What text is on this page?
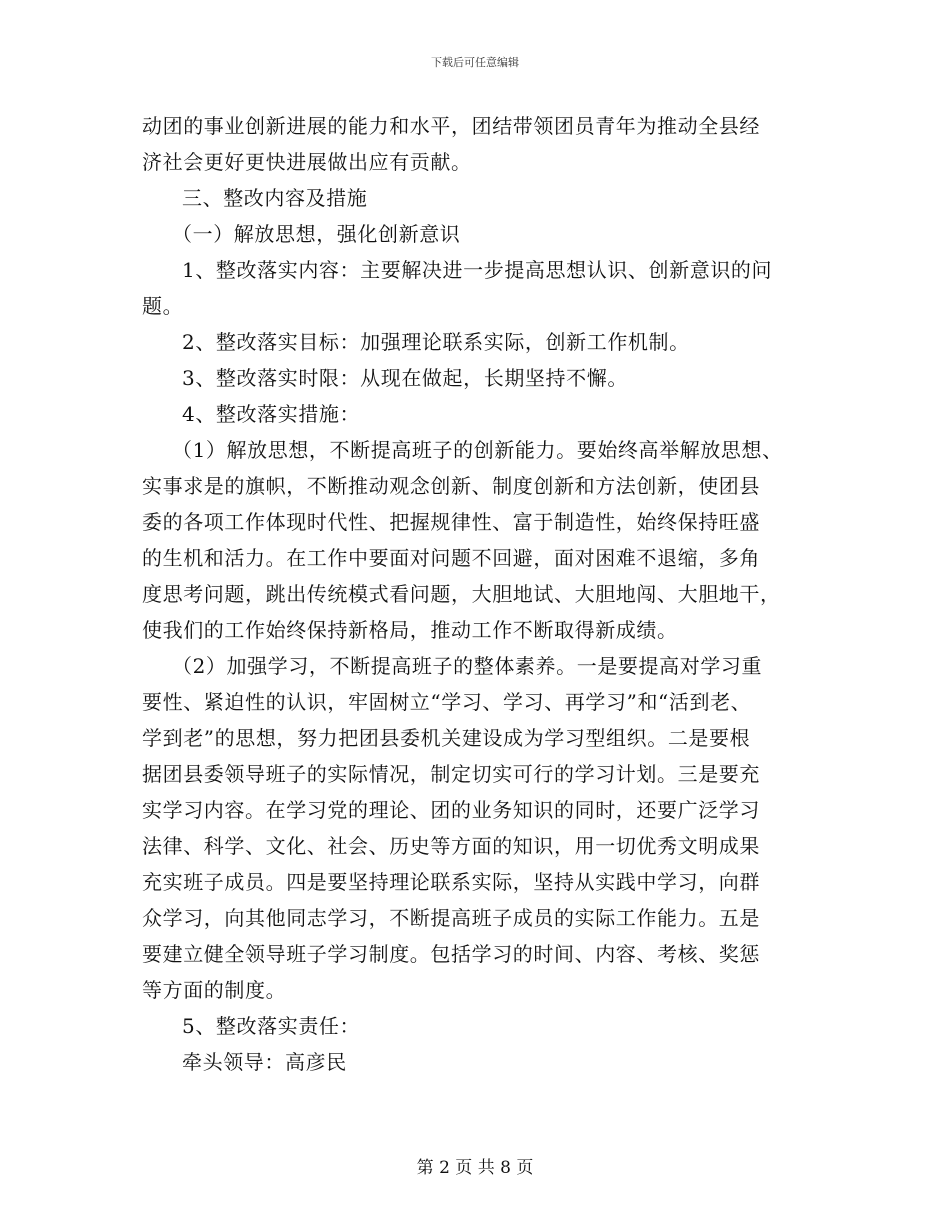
下载后可任意编辑
动团的事业创新进展的能力和水平，团结带领团员青年为推动全县经
济社会更好更快进展做出应有贡献。
三、整改内容及措施
（一）解放思想，强化创新意识
1、整改落实内容：主要解决进一步提高思想认识、创新意识的问
题。
2、整改落实目标：加强理论联系实际，创新工作机制。
3、整改落实时限：从现在做起，长期坚持不懈。
4、整改落实措施：
（1）解放思想，不断提高班子的创新能力。要始终高举解放思想、
实事求是的旗帜，不断推动观念创新、制度创新和方法创新，使团县
委的各项工作体现时代性、把握规律性、富于制造性，始终保持旺盛
的生机和活力。在工作中要面对问题不回避，面对困难不退缩，多角
度思考问题，跳出传统模式看问题，大胆地试、大胆地闯、大胆地干，
使我们的工作始终保持新格局，推动工作不断取得新成绩。
（2）加强学习，不断提高班子的整体素养。一是要提高对学习重
要性、紧迫性的认识，牢固树立“学习、学习、再学习”和“活到老、
学到老”的思想，努力把团县委机关建设成为学习型组织。二是要根
据团县委领导班子的实际情况，制定切实可行的学习计划。三是要充
实学习内容。在学习党的理论、团的业务知识的同时，还要广泛学习
法律、科学、文化、社会、历史等方面的知识，用一切优秀文明成果
充实班子成员。四是要坚持理论联系实际，坚持从实践中学习，向群
众学习，向其他同志学习，不断提高班子成员的实际工作能力。五是
要建立健全领导班子学习制度。包括学习的时间、内容、考核、奖惩
等方面的制度。
5、整改落实责任：
牵头领导：高彦民
第 2 页 共 8 页
